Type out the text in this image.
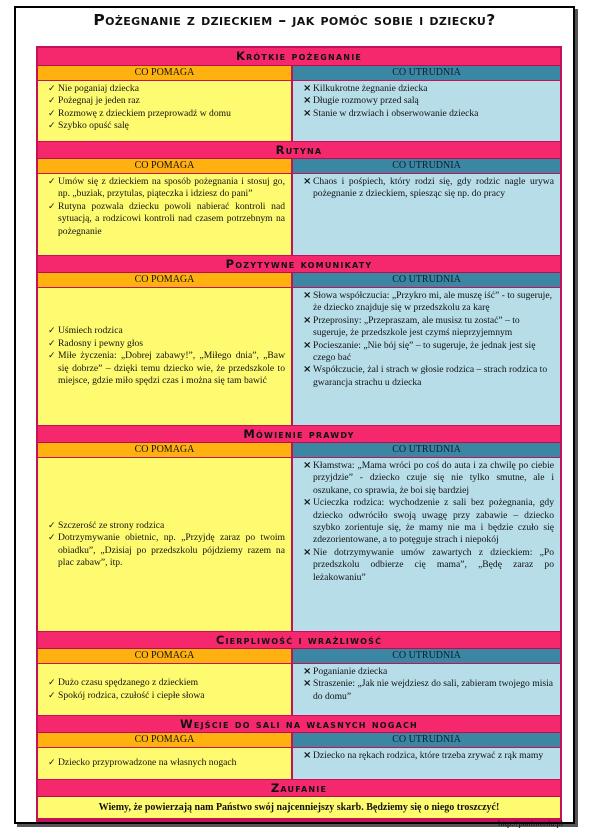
Pożegnanie z dzieckiem – jak pomóc sobie i dziecku?
Krótkie pożegnanie
CO POMAGA	CO UTRUDNIA
✓ Nie poganiaj dziecka
✓ Pożegnaj je jeden raz
✓ Rozmowę z dzieckiem przeprowadź w domu
✓ Szybko opuść salę
× Kilkukrotne żegnanie dziecka
× Długie rozmowy przed salą
× Stanie w drzwiach i obserwowanie dziecka
Rutyna
CO POMAGA	CO UTRUDNIA
✓ Umów się z dzieckiem na sposób pożegnania i stosuj go, np. „buziak, przytulas, piąteczka i idziesz do pani”
✓ Rutyna pozwala dziecku powoli nabierać kontroli nad sytuacją, a rodzicowi kontroli nad czasem potrzebnym na pożegnanie
× Chaos i pośpiech, który rodzi się, gdy rodzic nagle urywa pożegnanie z dzieckiem, spiesząc się np. do pracy
Pozytywne komunikaty
CO POMAGA	CO UTRUDNIA
✓ Uśmiech rodzica
✓ Radosny i pewny głos
✓ Miłe życzenia: „Dobrej zabawy!”, „Miłego dnia”, „Baw się dobrze” – dzięki temu dziecko wie, że przedszkole to miejsce, gdzie miło spędzi czas i można się tam bawić
× Słowa współczucia: „Przykro mi, ale muszę iść” - to sugeruje, że dziecko znajduje się w przedszkolu za karę
× Przeprosiny: „Przepraszam, ale musisz tu zostać” – to sugeruje, że przedszkole jest czymś nieprzyjemnym
× Pocieszanie: „Nie bój się” – to sugeruje, że jednak jest się czego bać
× Współczucie, żal i strach w głosie rodzica – strach rodzica to gwarancja strachu u dziecka
Mówienie prawdy
CO POMAGA	CO UTRUDNIA
✓ Szczerość ze strony rodzica
✓ Dotrzymywanie obietnic, np. „Przyjdę zaraz po twoim obiadku”, „Dzisiaj po przedszkolu pójdziemy razem na plac zabaw”, itp.
× Kłamstwa: „Mama wróci po coś do auta i za chwilę po ciebie przyjdzie” - dziecko czuje się nie tylko smutne, ale i oszukane, co sprawia, że boi się bardziej
× Ucieczka rodzica: wychodzenie z sali bez pożegnania, gdy dziecko odwróciło swoją uwagę przy zabawie – dziecko szybko zorientuje się, że mamy nie ma i będzie czuło się zdezorientowane, a to potęguje strach i niepokój
× Nie dotrzymywanie umów zawartych z dzieckiem: „Po przedszkolu odbierze cię mama”, „Będę zaraz po leżakowaniu”
Cierpliwość i wrażliwość
CO POMAGA	CO UTRUDNIA
✓ Dużo czasu spędzanego z dzieckiem
✓ Spokój rodzica, czułość i ciepłe słowa
× Poganianie dziecka
× Straszenie: „Jak nie wejdziesz do sali, zabieram twojego misia do domu”
Wejście do sali na własnych nogach
CO POMAGA	CO UTRUDNIA
✓ Dziecko przyprowadzone na własnych nogach
× Dziecko na rękach rodzica, które trzeba zrywać z rąk mamy
Zaufanie
Wiemy, że powierzają nam Państwo swój najcenniejszy skarb. Będziemy się o niego troszczyć!
http://panimonia.pl
